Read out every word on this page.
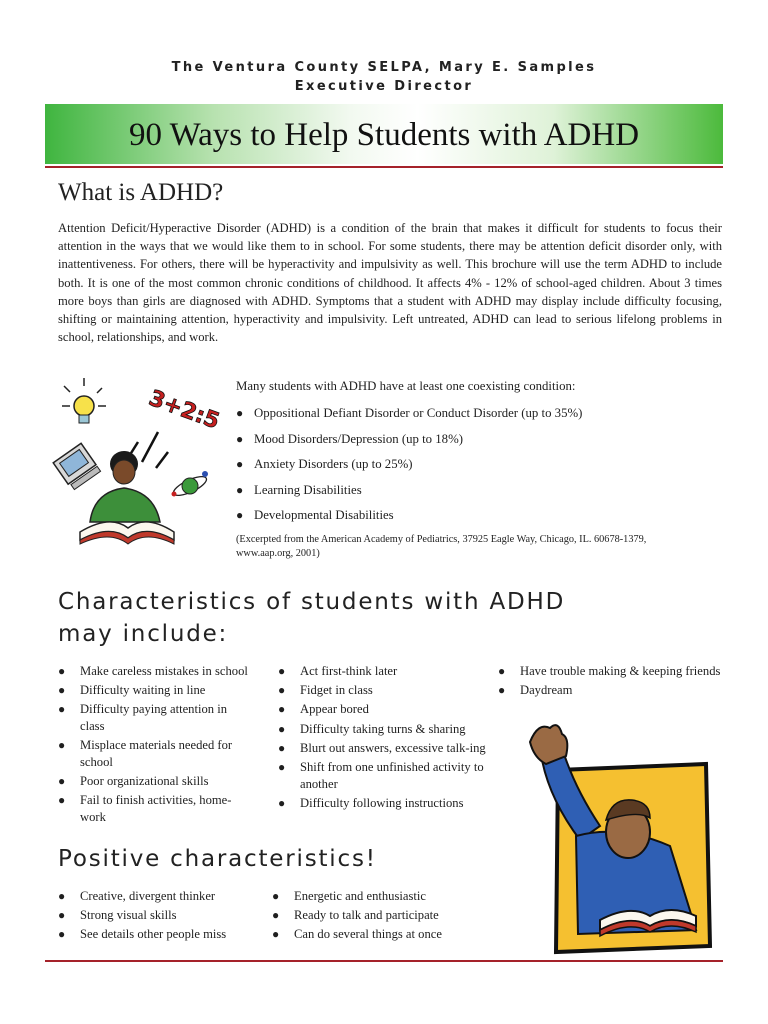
The Ventura County SELPA, Mary E. Samples
Executive Director
90 Ways to Help Students with ADHD
What is ADHD?
Attention Deficit/Hyperactive Disorder (ADHD) is a condition of the brain that makes it difficult for students to focus their attention in the ways that we would like them to in school. For some students, there may be attention deficit disorder only, with inattentiveness. For others, there will be hyperactivity and impulsivity as well. This brochure will use the term ADHD to include both. It is one of the most common chronic conditions of childhood. It affects 4% - 12% of school-aged children. About 3 times more boys than girls are diagnosed with ADHD. Symptoms that a student with ADHD may display include difficulty focusing, shifting or maintaining attention, hyperactivity and impulsivity. Left untreated, ADHD can lead to serious lifelong problems in school, relationships, and work.
3+2:5 Many students with ADHD have at least one coexisting condition:
● Oppositional Defiant Disorder or Conduct Disorder (up to 35%)
● Mood Disorders/Depression (up to 18%)
● Anxiety Disorders (up to 25%)
● Learning Disabilities
● Developmental Disabilities
(Excerpted from the American Academy of Pediatrics, 37925 Eagle Way, Chicago, IL. 60678-1379, www.aap.org, 2001)
Characteristics of students with ADHD
may include:
● Make careless mistakes in school
● Difficulty waiting in line
● Difficulty paying attention in class
● Misplace materials needed for school
● Poor organizational skills
● Fail to finish activities, home-work
● Act first-think later
● Fidget in class
● Appear bored
● Difficulty taking turns & sharing
● Blurt out answers, excessive talk-ing
● Shift from one unfinished activity to another
● Difficulty following instructions
● Have trouble making & keeping friends
● Daydream
Positive characteristics!
● Creative, divergent thinker
● Strong visual skills
● See details other people miss
● Energetic and enthusiastic
● Ready to talk and participate
● Can do several things at once
